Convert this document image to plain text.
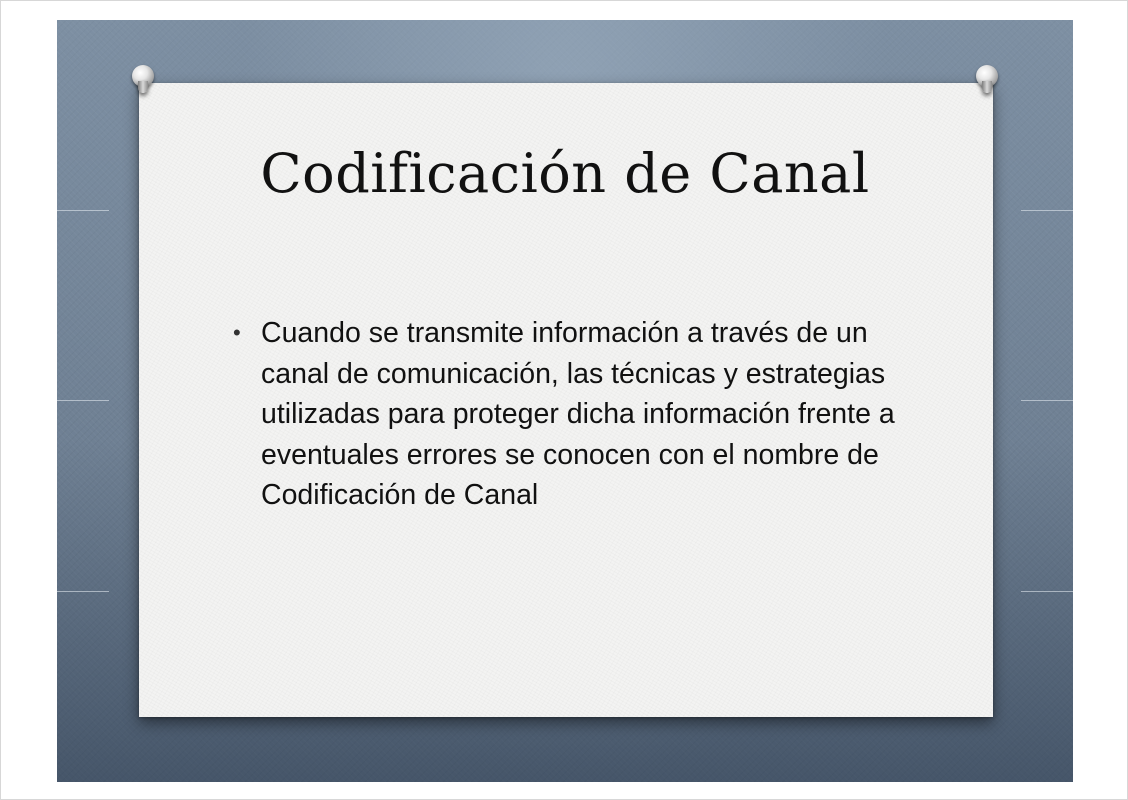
Codificación de Canal
• Cuando se transmite información a través de un canal de comunicación, las técnicas y estrategias utilizadas para proteger dicha información frente a eventuales errores se conocen con el nombre de Codificación de Canal
